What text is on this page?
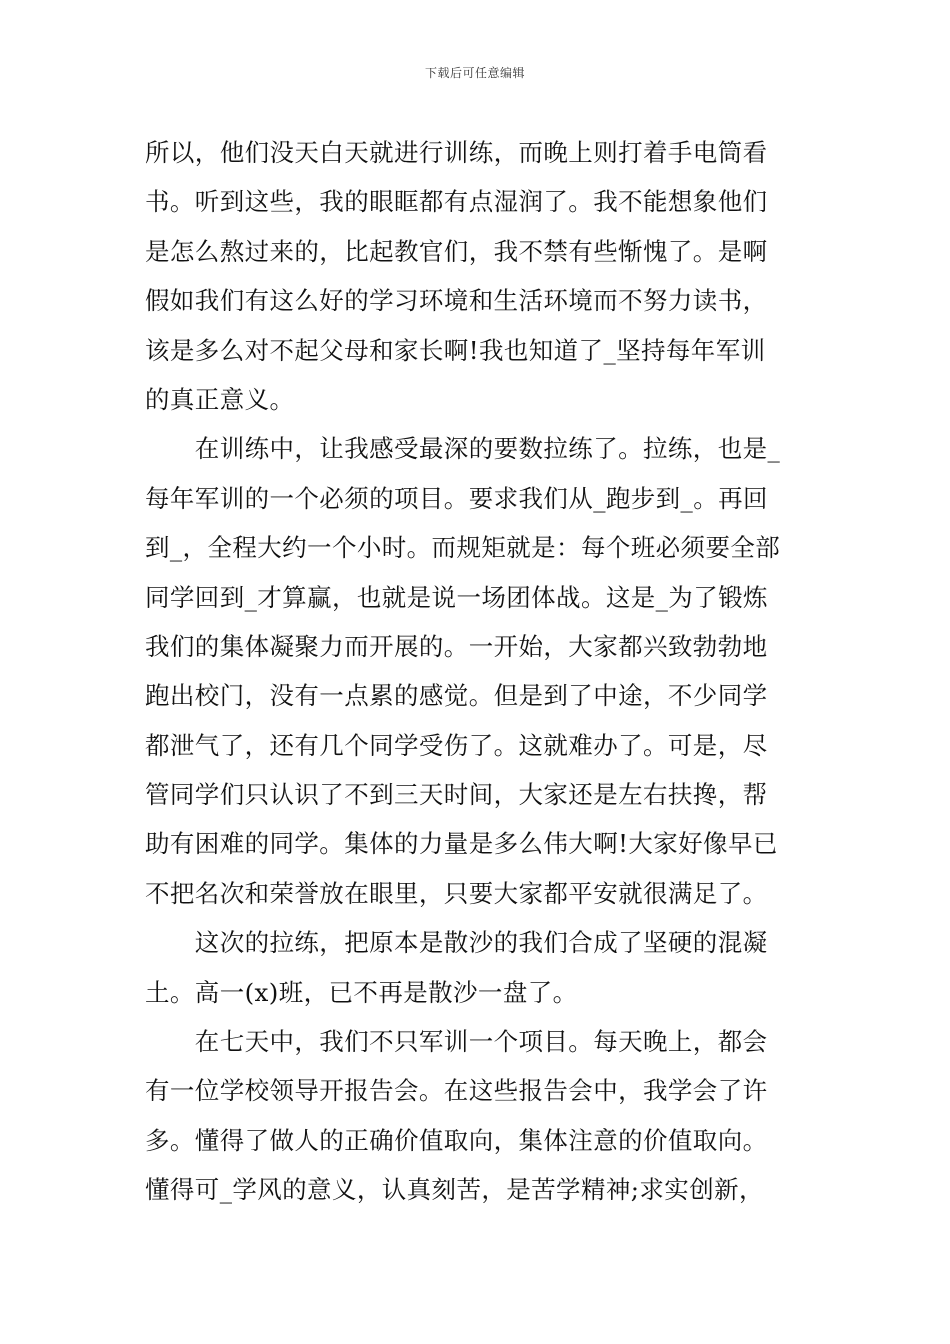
下载后可任意编辑
所以，他们没天白天就进行训练，而晚上则打着手电筒看
书。听到这些，我的眼眶都有点湿润了。我不能想象他们
是怎么熬过来的，比起教官们，我不禁有些惭愧了。是啊
假如我们有这么好的学习环境和生活环境而不努力读书，
该是多么对不起父母和家长啊!我也知道了_坚持每年军训
的真正意义。
　　在训练中，让我感受最深的要数拉练了。拉练，也是_
每年军训的一个必须的项目。要求我们从_跑步到_。再回
到_，全程大约一个小时。而规矩就是：每个班必须要全部
同学回到_才算赢，也就是说一场团体战。这是_为了锻炼
我们的集体凝聚力而开展的。一开始，大家都兴致勃勃地
跑出校门，没有一点累的感觉。但是到了中途，不少同学
都泄气了，还有几个同学受伤了。这就难办了。可是，尽
管同学们只认识了不到三天时间，大家还是左右扶搀，帮
助有困难的同学。集体的力量是多么伟大啊!大家好像早已
不把名次和荣誉放在眼里，只要大家都平安就很满足了。
　　这次的拉练，把原本是散沙的我们合成了坚硬的混凝
土。高一(x)班，已不再是散沙一盘了。
　　在七天中，我们不只军训一个项目。每天晚上，都会
有一位学校领导开报告会。在这些报告会中，我学会了许
多。懂得了做人的正确价值取向，集体注意的价值取向。
懂得可_学风的意义，认真刻苦，是苦学精神;求实创新，
